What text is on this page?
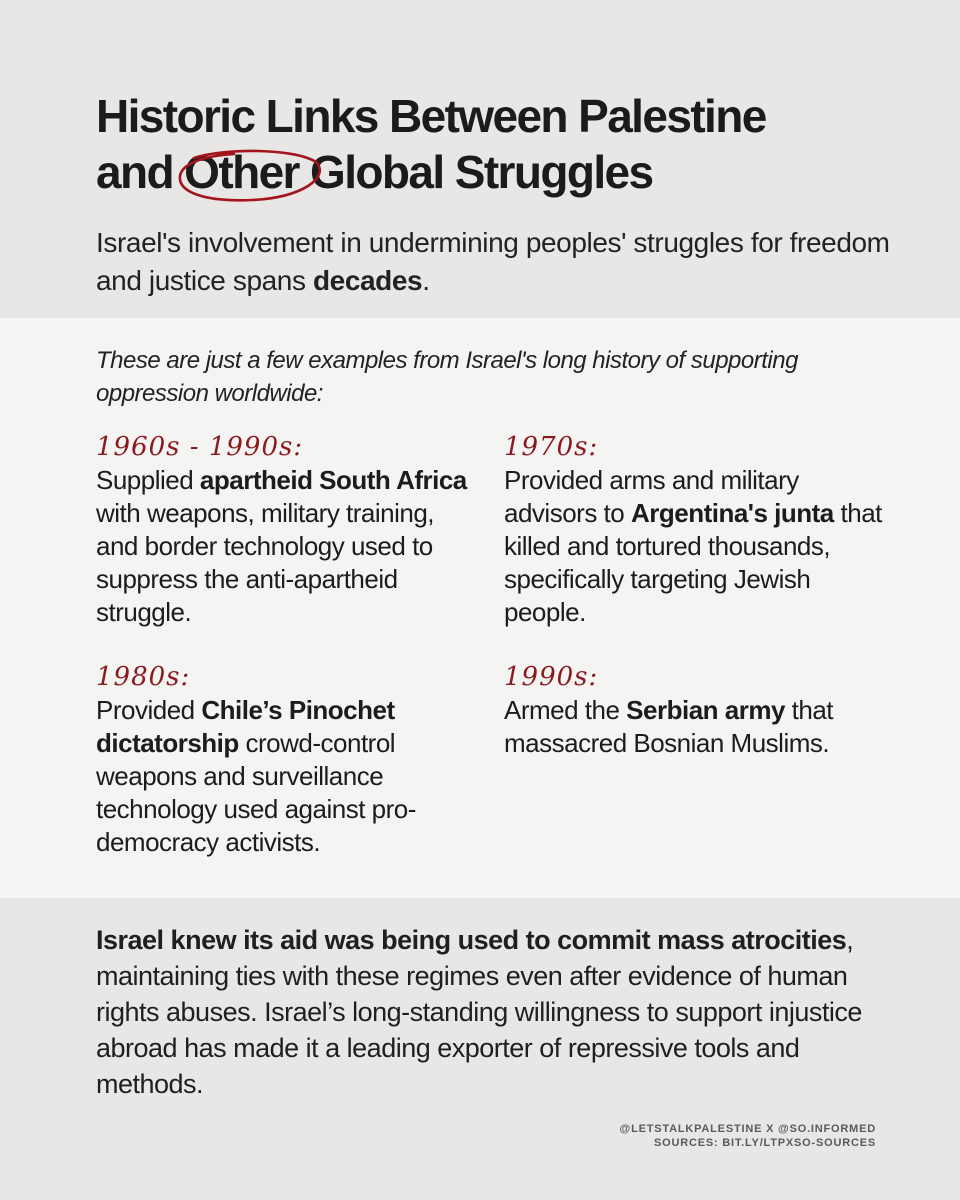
Historic Links Between Palestine
and Other Global Struggles

Israel's involvement in undermining peoples' struggles for freedom and justice spans decades.

These are just a few examples from Israel's long history of supporting oppression worldwide:

1960s - 1990s:

Supplied apartheid South Africa with weapons, military training, and border technology used to suppress the anti-apartheid struggle.

1970s:

Provided arms and military advisors to Argentina's junta that killed and tortured thousands, specifically targeting Jewish people.

1980s:

Provided Chile’s Pinochet dictatorship crowd-control weapons and surveillance technology used against pro-democracy activists.

1990s:

Armed the Serbian army that massacred Bosnian Muslims.

Israel knew its aid was being used to commit mass atrocities, maintaining ties with these regimes even after evidence of human rights abuses. Israel’s long-standing willingness to support injustice abroad has made it a leading exporter of repressive tools and methods.

@LETSTALKPALESTINE X @SO.INFORMED
SOURCES: BIT.LY/LTPXSO-SOURCES
